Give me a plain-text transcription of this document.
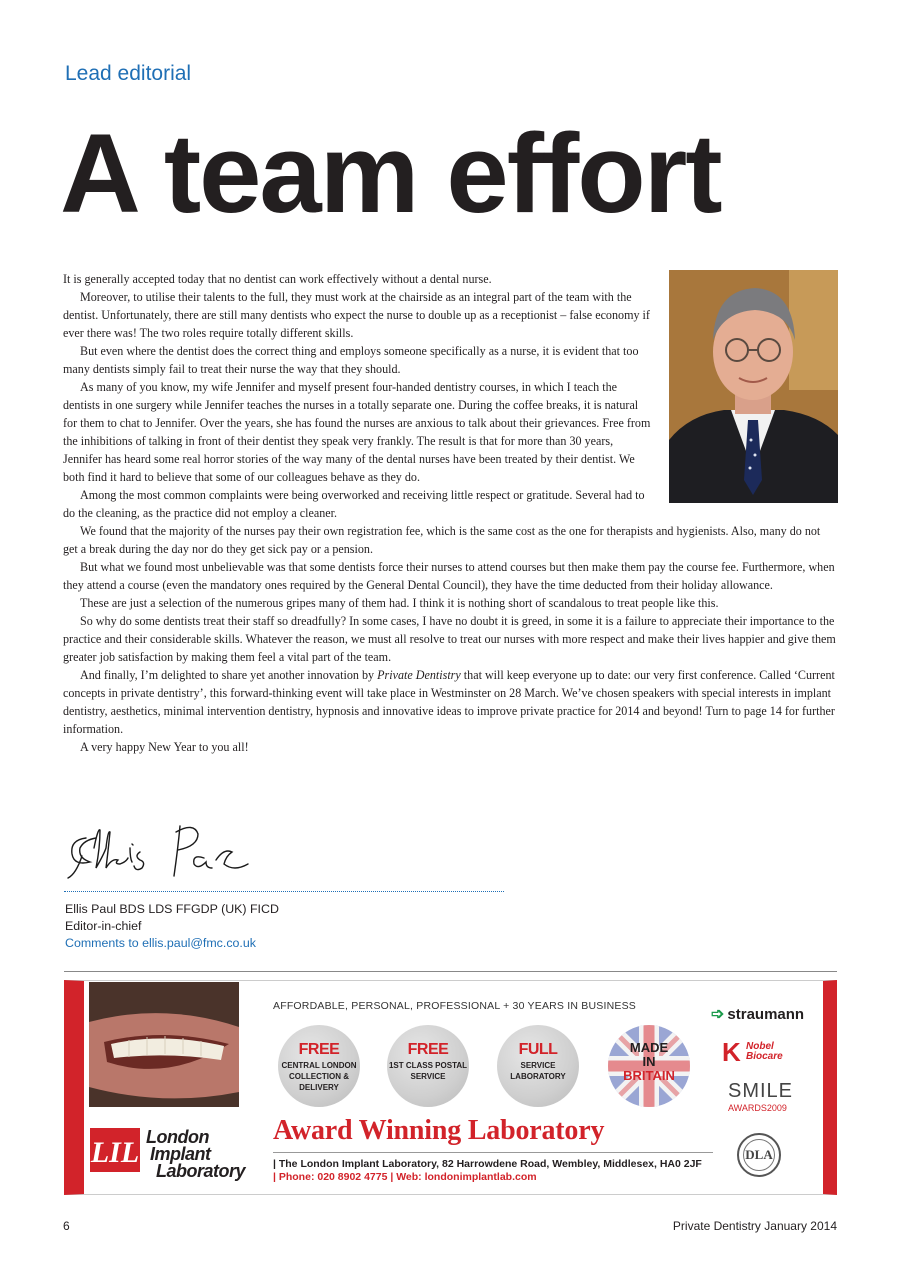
Lead editorial
A team effort

It is generally accepted today that no dentist can work effectively without a dental nurse.

Moreover, to utilise their talents to the full, they must work at the chairside as an integral part of the team with the dentist. Unfortunately, there are still many dentists who expect the nurse to double up as a receptionist – false economy if ever there was! The two roles require totally different skills.

But even where the dentist does the correct thing and employs someone specifically as a nurse, it is evident that too many dentists simply fail to treat their nurse the way that they should.

As many of you know, my wife Jennifer and myself present four-handed dentistry courses, in which I teach the dentists in one surgery while Jennifer teaches the nurses in a totally separate one. During the coffee breaks, it is natural for them to chat to Jennifer. Over the years, she has found the nurses are anxious to talk about their grievances. Free from the inhibitions of talking in front of their dentist they speak very frankly. The result is that for more than 30 years, Jennifer has heard some real horror stories of the way many of the dental nurses have been treated by their dentist. We both find it hard to believe that some of our colleagues behave as they do.

Among the most common complaints were being overworked and receiving little respect or gratitude. Several had to do the cleaning, as the practice did not employ a cleaner.

We found that the majority of the nurses pay their own registration fee, which is the same cost as the one for therapists and hygienists. Also, many do not get a break during the day nor do they get sick pay or a pension.

But what we found most unbelievable was that some dentists force their nurses to attend courses but then make them pay the course fee. Furthermore, when they attend a course (even the mandatory ones required by the General Dental Council), they have the time deducted from their holiday allowance.

These are just a selection of the numerous gripes many of them had. I think it is nothing short of scandalous to treat people like this.

So why do some dentists treat their staff so dreadfully? In some cases, I have no doubt it is greed, in some it is a failure to appreciate their importance to the practice and their considerable skills. Whatever the reason, we must all resolve to treat our nurses with more respect and make their lives happier and give them greater job satisfaction by making them feel a vital part of the team.

And finally, I’m delighted to share yet another innovation by Private Dentistry that will keep everyone up to date: our very first conference. Called ‘Current concepts in private dentistry’, this forward-thinking event will take place in Westminster on 28 March. We’ve chosen speakers with special interests in implant dentistry, aesthetics, minimal intervention dentistry, hypnosis and innovative ideas to improve private practice for 2014 and beyond! Turn to page 14 for further information.

A very happy New Year to you all!

Ellis Paul BDS LDS FFGDP (UK) FICD
Editor-in-chief
Comments to ellis.paul@fmc.co.uk
AFFORDABLE, PERSONAL, PROFESSIONAL + 30 YEARS IN BUSINESS
FREE
CENTRAL LONDON COLLECTION & DELIVERY
FREE
1ST CLASS POSTAL SERVICE
FULL
SERVICE LABORATORY
MADE
IN
BRITAIN
➩ straumann
K Nobel Biocare
SMILE
AWARDS2009
DLA
LIL London
Implant
Laboratory
Award Winning Laboratory
| The London Implant Laboratory, 82 Harrowdene Road, Wembley, Middlesex, HA0 2JF
| Phone: 020 8902 4775 | Web: londonimplantlab.com
6	Private Dentistry January 2014
